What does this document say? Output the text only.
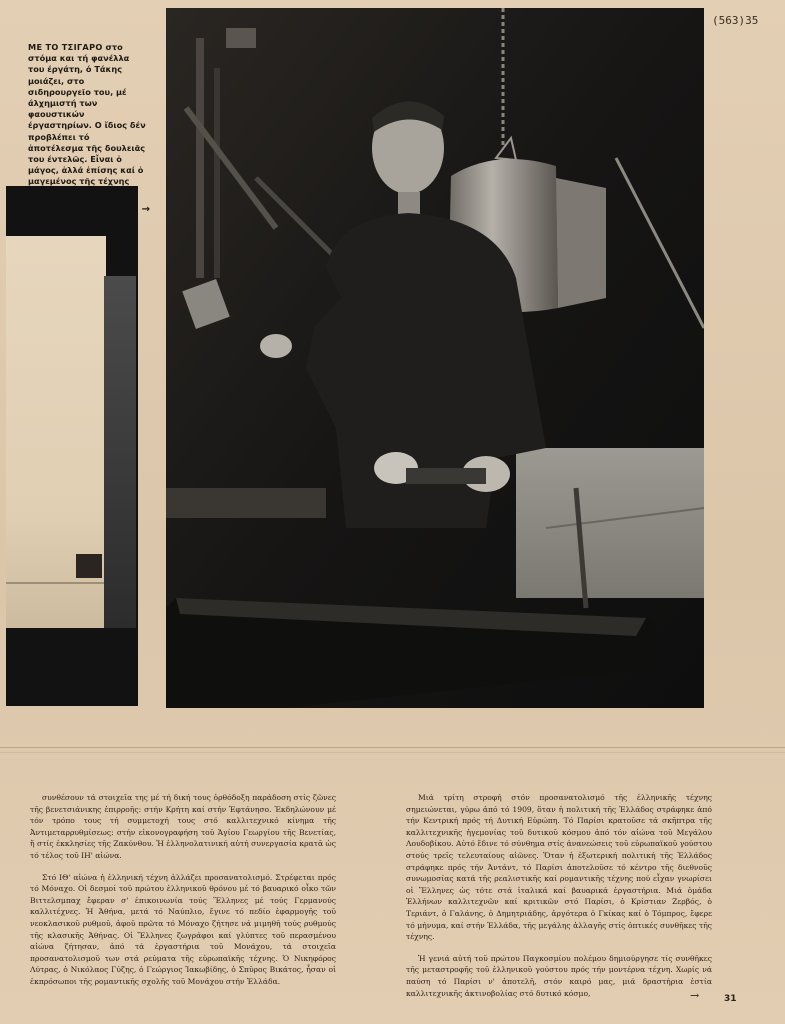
ΜΕ ΤΟ ΤΣΙΓΑΡΟ στο στόμα και τή φανέλλα του έργάτη, ό Τάκης μοιάζει, στο σιδηρουργεῖο του, μέ άλχημιστή των φαουστικών έργαστηρίων. Ο ἴδιος δέν προβλέπει τό ἀποτέλεσμα τῆς δουλειᾶς του έντελῶς. Εἶναι ὁ μάγος, ἀλλά ἐπίσης καί ὁ μαγεμένος τῆς τέχνης
→
(563)35

συνθέσουν τά στοιχεῖα της μέ τή δική τους ὀρθόδοξη παράδοση στίς ζῶνες τῆς βενετσιάνικης ἐπιρροῆς: στήν Κρήτη καί στήν Ἑφτάνησο. Ἐκδηλώνουν μέ τόν τρόπο τους τή συμμετοχή τους στό καλλιτεχνικό κίνημα τῆς Ἀντιμεταρρυθμίσεως: στήν εἰκονογραφήση τοῦ Ἁγίου Γεωργίου τῆς Βενετίας, ἤ στίς ἐκκλησίες τῆς Ζακύνθου. Ἡ ἑλληνολατινική αὐτή συνεργασία κρατᾶ ὡς τό τέλος τοῦ ΙΗ' αἰώνα.

Στό ΙΘ' αἰώνα ἡ ἑλληνική τέχνη ἀλλάζει προσανατολισμό. Στρέφεται πρός τό Μόναχο. Οἱ δεσμοί τοῦ πρώτου ἑλληνικοῦ θρόνου μέ τό βαυαρικό οἶκο τῶν Βιττελσμπαχ ἔφεραν σ' ἐπικοινωνία τούς Ἕλληνες μέ τούς Γερμανούς καλλιτέχνες. Ἡ Ἀθήνα, μετά τό Ναύπλιο, ἔγινε τό πεδίο ἐφαρμογῆς τοῦ νεοκλασικοῦ ρυθμοῦ, ἀφοῦ πρῶτα τό Μόναχο ζήτησε νά μιμηθῆ τούς ρυθμούς τῆς κλασικῆς Ἀθήνας. Οἱ Ἕλληνες ζωγράφοι καί γλύπτες τοῦ περασμένου αἰώνα ζήτησαν, ἀπό τά ἐργαστήρια τοῦ Μονάχου, τά στοιχεῖα προσανατολισμοῦ των στά ρεύματα τῆς εὐρωπαϊκῆς τέχνης. Ὁ Νικηφόρος Λύτρας, ὁ Νικόλαος Γύζης, ὁ Γεώργιος Ἰακωβίδης, ὁ Σπῦρος Βικάτος, ἦσαν οἱ ἐκπρόσωποι τῆς ρομαντικῆς σχολῆς τοῦ Μονάχου στήν Ἑλλάδα.

Μιά τρίτη στροφή στόν προσανατολισμό τῆς ἑλληνικῆς τέχνης σημειώνεται, γύρω ἀπό τό 1909, ὅταν ἡ πολιτική τῆς Ἑλλάδος στράφηκε ἀπό τήν Κεντρική πρός τή Δυτική Εὐρώπη. Τό Παρίσι κρατοῦσε τά σκῆπτρα τῆς καλλιτεχνικῆς ἡγεμονίας τοῦ δυτικοῦ κόσμου ἀπό τόν αἰώνα τοῦ Μεγάλου Λουδοβίκου. Αὐτό ἔδινε τό σύνθημα στίς ἀνανεώσεις τοῦ εὐρωπαϊκοῦ γούστου στούς τρεῖς τελευταίους αἰῶνες. Ὅταν ἡ ἐξωτερική πολιτική τῆς Ἑλλάδος στράφηκε πρός τήν Ἀντάντ, τό Παρίσι ἀποτελοῦσε τό κέντρο τῆς διεθνοῦς συνωμοσίας κατά τῆς ρεαλιστικῆς καί ρομαντικῆς τέχνης πού εἶχαν γνωρίσει οἱ Ἕλληνες ὡς τότε στά ἰταλικά καί βαυαρικά ἐργαστήρια. Μιά ὁμάδα Ἑλλήνων καλλιτεχνῶν καί κριτικῶν στό Παρίσι, ὁ Κρίστιαν Ζερβός, ὁ Τεριάντ, ὁ Γαλάνης, ὁ Δημητριάδης, ἀργότερα ὁ Γκίκας καί ὁ Τόμπρος, ἔφερε τό μήνυμα, καί στήν Ἑλλάδα, τῆς μεγάλης ἀλλαγῆς στίς ὀπτικές συνθῆκες τῆς τέχνης.

Ἡ γενιά αὐτή τοῦ πρώτου Παγκοσμίου πολέμου δημιούργησε τίς συνθῆκες τῆς μεταστροφῆς τοῦ ἑλληνικοῦ γούστου πρός τήν μοντέρνα τέχνη. Χωρίς νά παύση τό Παρίσι ν' ἀποτελῆ, στόν καιρό μας, μιά δραστήρια ἑστία καλλιτεχνικῆς ἀκτινοβολίας στό δυτικό κόσμο,	→	31
